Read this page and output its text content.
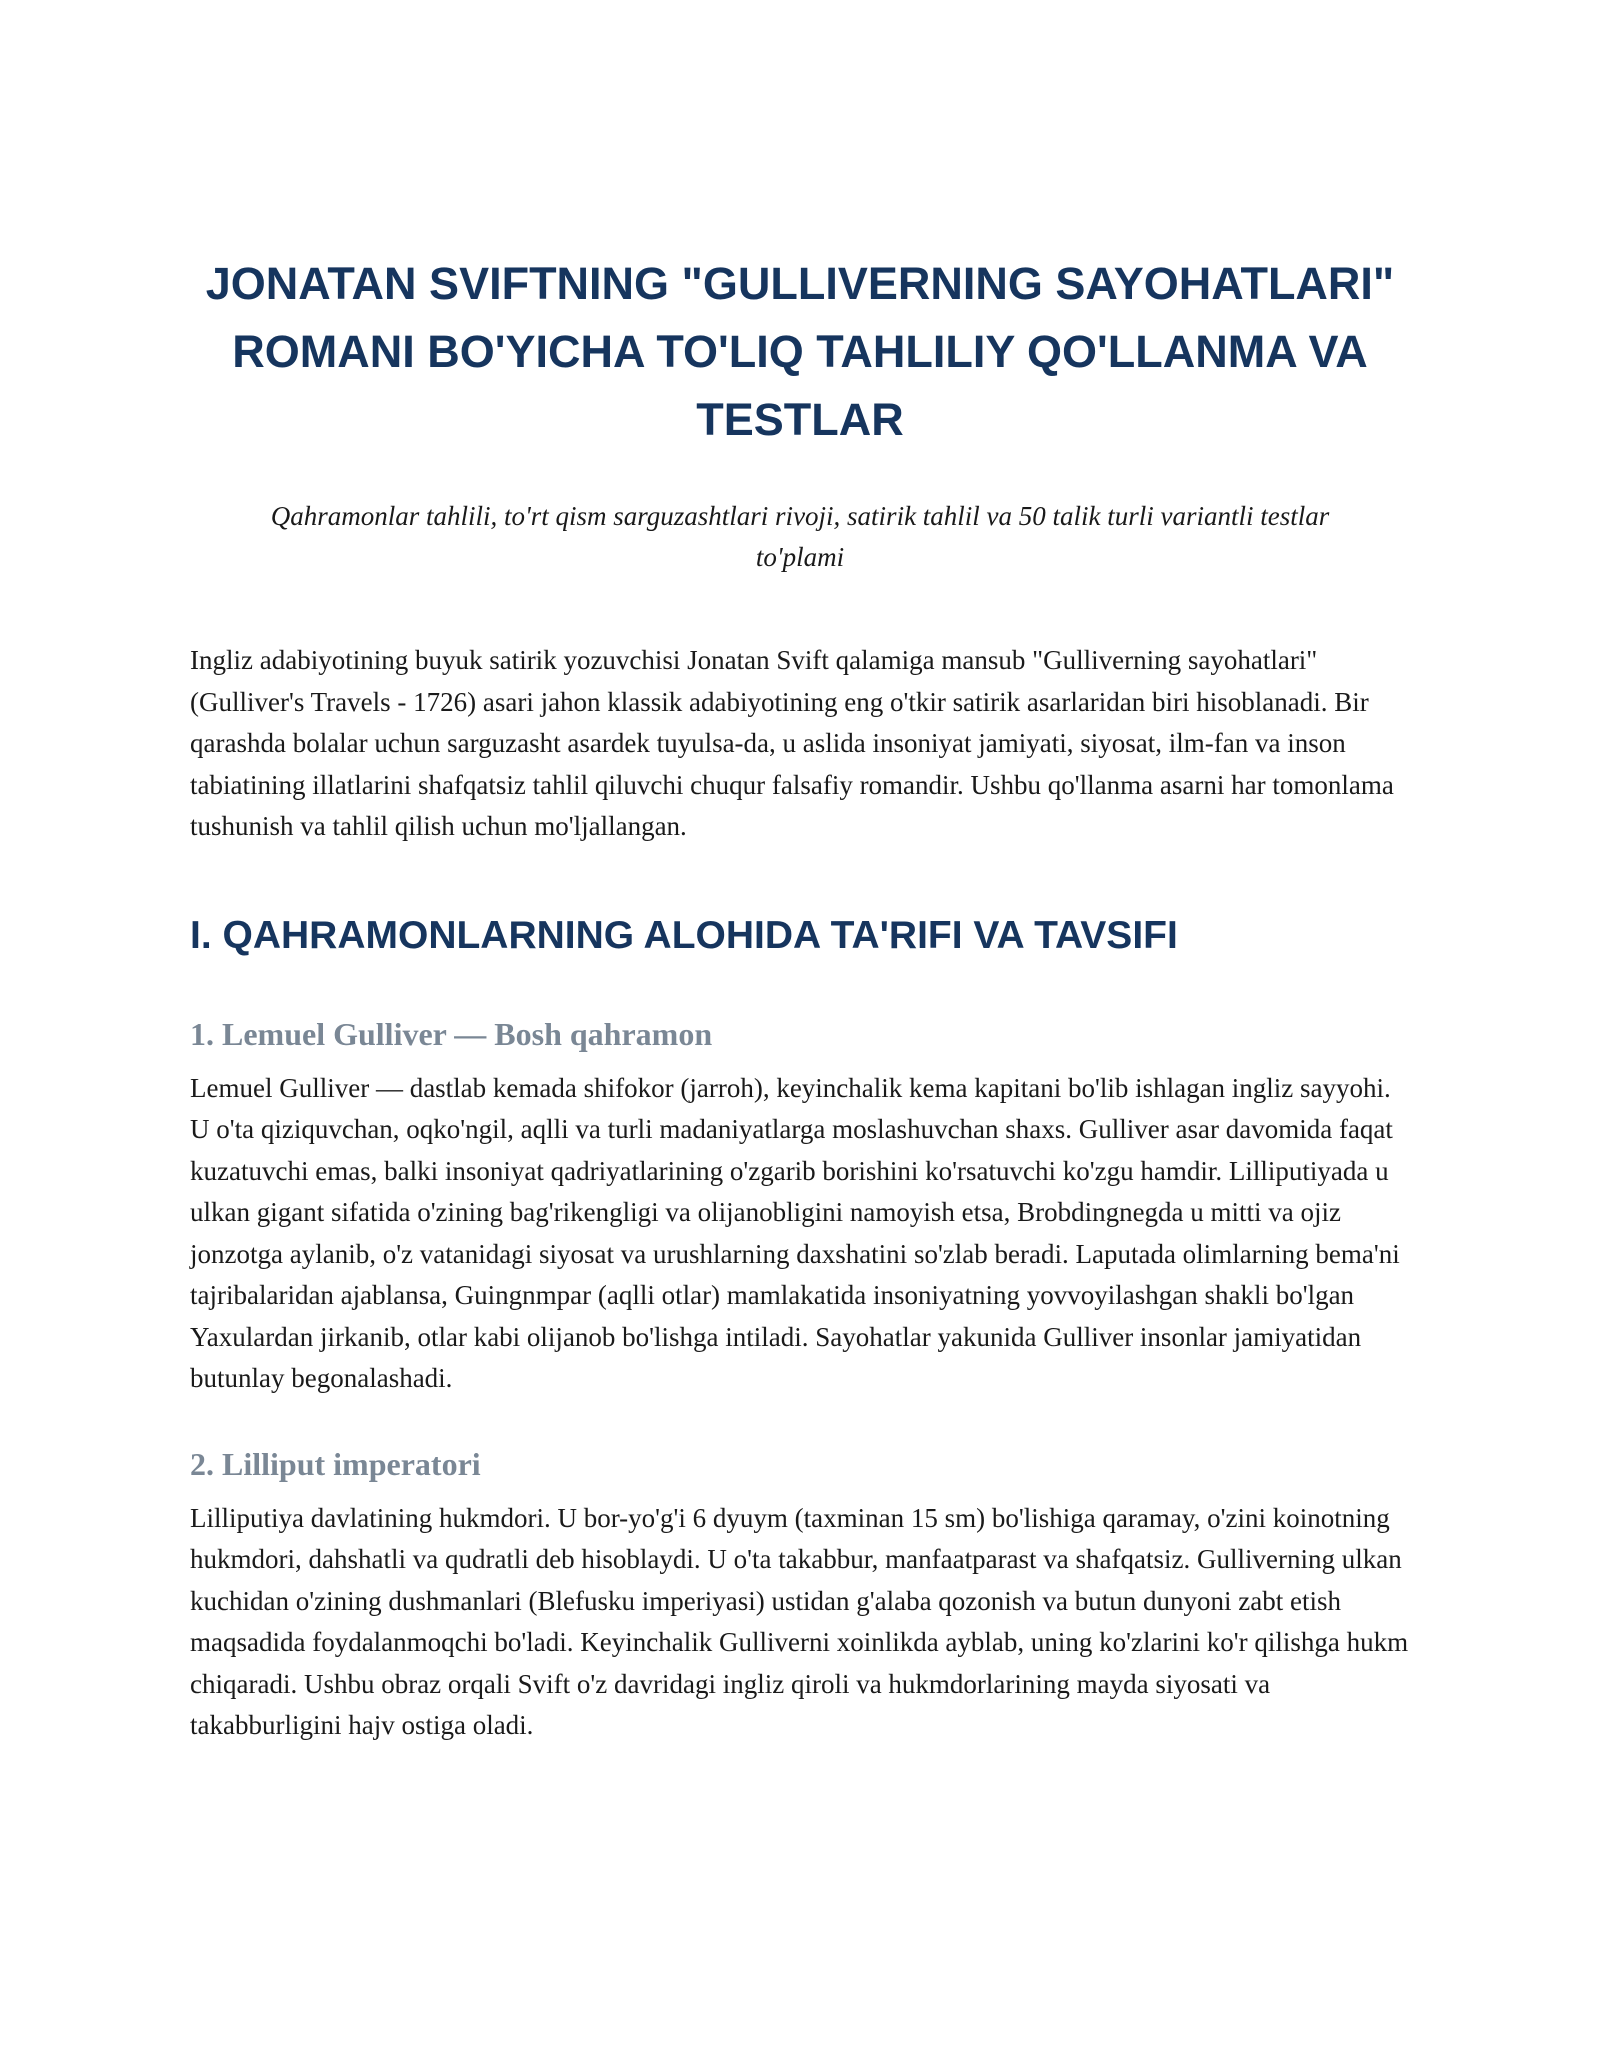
JONATAN SVIFTNING "GULLIVERNING SAYOHATLARI" ROMANI BO'YICHA TO'LIQ TAHLILIY QO'LLANMA VA TESTLAR

Qahramonlar tahlili, to'rt qism sarguzashtlari rivoji, satirik tahlil va 50 talik turli variantli testlar to'plami

Ingliz adabiyotining buyuk satirik yozuvchisi Jonatan Svift qalamiga mansub "Gulliverning sayohatlari" (Gulliver's Travels - 1726) asari jahon klassik adabiyotining eng o'tkir satirik asarlaridan biri hisoblanadi. Bir qarashda bolalar uchun sarguzasht asardek tuyulsa-da, u aslida insoniyat jamiyati, siyosat, ilm-fan va inson tabiatining illatlarini shafqatsiz tahlil qiluvchi chuqur falsafiy romandir. Ushbu qo'llanma asarni har tomonlama tushunish va tahlil qilish uchun mo'ljallangan.

I. QAHRAMONLARNING ALOHIDA TA'RIFI VA TAVSIFI
1. Lemuel Gulliver — Bosh qahramon

Lemuel Gulliver — dastlab kemada shifokor (jarroh), keyinchalik kema kapitani bo'lib ishlagan ingliz sayyohi. U o'ta qiziquvchan, oqko'ngil, aqlli va turli madaniyatlarga moslashuvchan shaxs. Gulliver asar davomida faqat kuzatuvchi emas, balki insoniyat qadriyatlarining o'zgarib borishini ko'rsatuvchi ko'zgu hamdir. Lilliputiyada u ulkan gigant sifatida o'zining bag'rikengligi va olijanobligini namoyish etsa, Brobdingnegda u mitti va ojiz jonzotga aylanib, o'z vatanidagi siyosat va urushlarning daxshatini so'zlab beradi. Laputada olimlarning bema'ni tajribalaridan ajablansa, Guingnmpar (aqlli otlar) mamlakatida insoniyatning yovvoyilashgan shakli bo'lgan Yaxulardan jirkanib, otlar kabi olijanob bo'lishga intiladi. Sayohatlar yakunida Gulliver insonlar jamiyatidan butunlay begonalashadi.

2. Lilliput imperatori

Lilliputiya davlatining hukmdori. U bor-yo'g'i 6 dyuym (taxminan 15 sm) bo'lishiga qaramay, o'zini koinotning hukmdori, dahshatli va qudratli deb hisoblaydi. U o'ta takabbur, manfaatparast va shafqatsiz. Gulliverning ulkan kuchidan o'zining dushmanlari (Blefusku imperiyasi) ustidan g'alaba qozonish va butun dunyoni zabt etish maqsadida foydalanmoqchi bo'ladi. Keyinchalik Gulliverni xoinlikda ayblab, uning ko'zlarini ko'r qilishga hukm chiqaradi. Ushbu obraz orqali Svift o'z davridagi ingliz qiroli va hukmdorlarining mayda siyosati va takabburligini hajv ostiga oladi.
